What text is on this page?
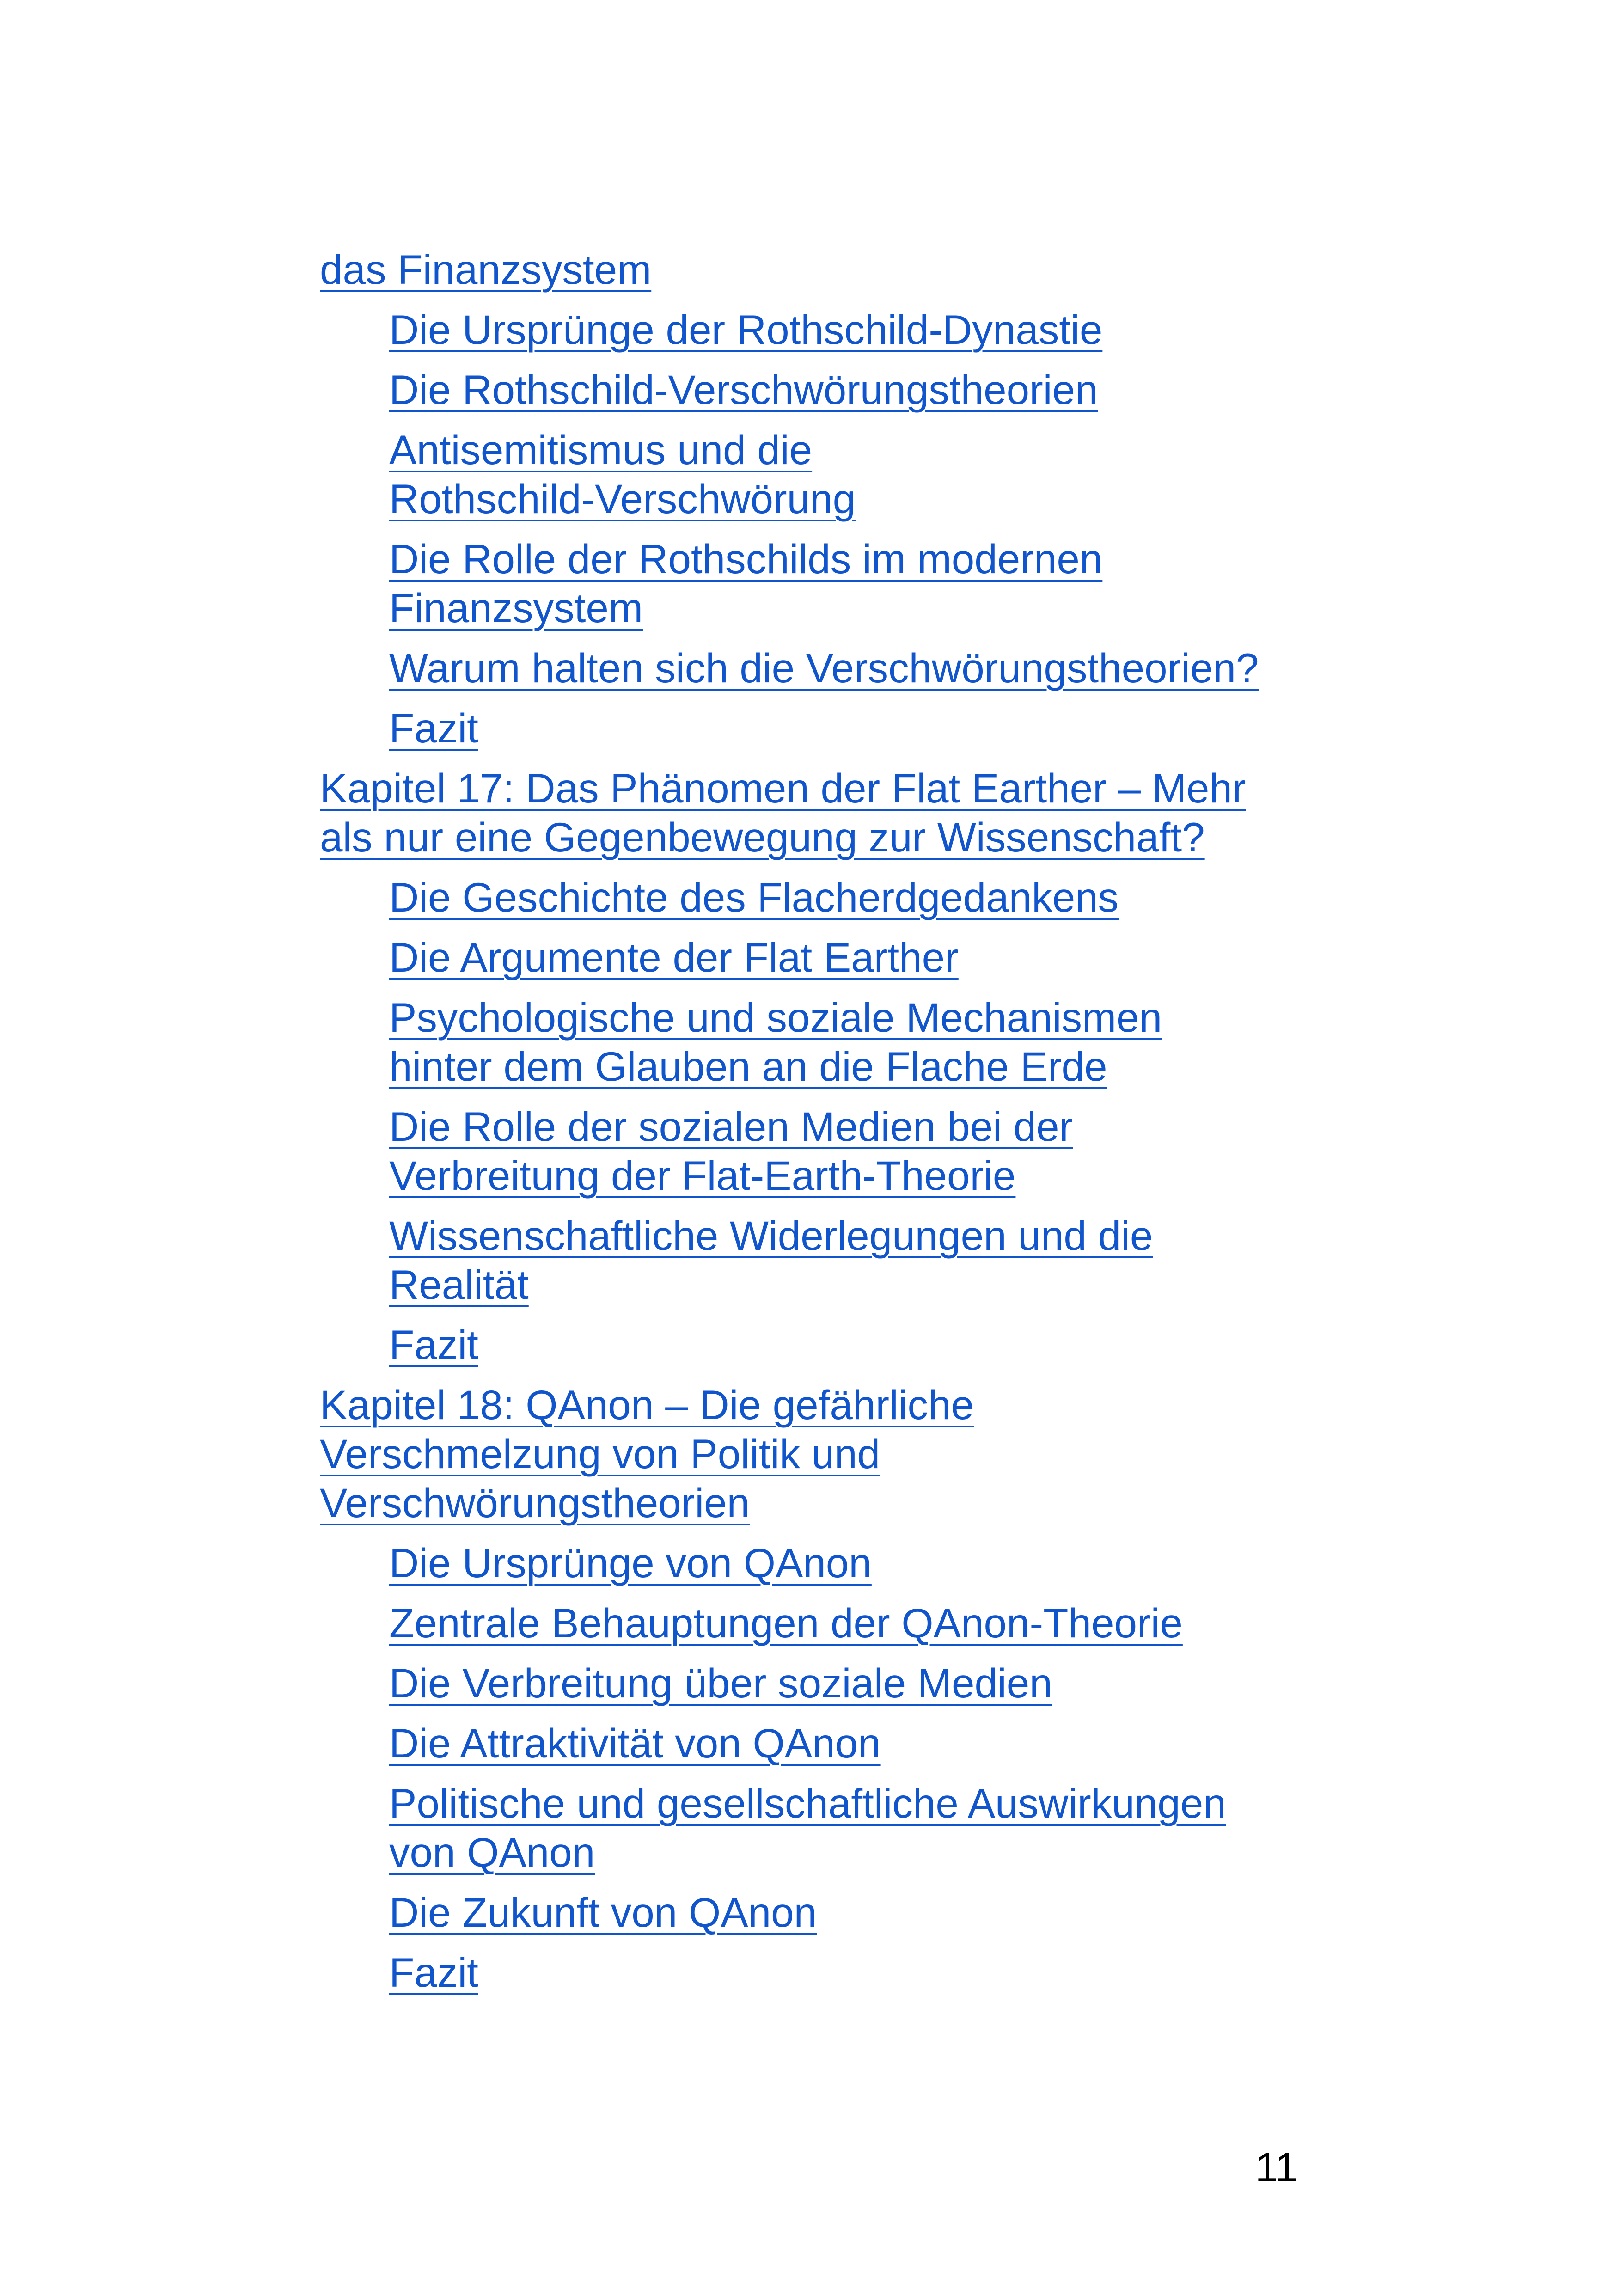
das Finanzsystem
Die Ursprünge der Rothschild-Dynastie
Die Rothschild-Verschwörungstheorien
Antisemitismus und die Rothschild-Verschwörung
Die Rolle der Rothschilds im modernen Finanzsystem
Warum halten sich die Verschwörungstheorien?
Fazit
Kapitel 17: Das Phänomen der Flat Earther – Mehr als nur eine Gegenbewegung zur Wissenschaft?
Die Geschichte des Flacherdgedankens
Die Argumente der Flat Earther
Psychologische und soziale Mechanismen hinter dem Glauben an die Flache Erde
Die Rolle der sozialen Medien bei der Verbreitung der Flat-Earth-Theorie
Wissenschaftliche Widerlegungen und die Realität
Fazit
Kapitel 18: QAnon – Die gefährliche Verschmelzung von Politik und Verschwörungstheorien
Die Ursprünge von QAnon
Zentrale Behauptungen der QAnon-Theorie
Die Verbreitung über soziale Medien
Die Attraktivität von QAnon
Politische und gesellschaftliche Auswirkungen von QAnon
Die Zukunft von QAnon
Fazit
11
